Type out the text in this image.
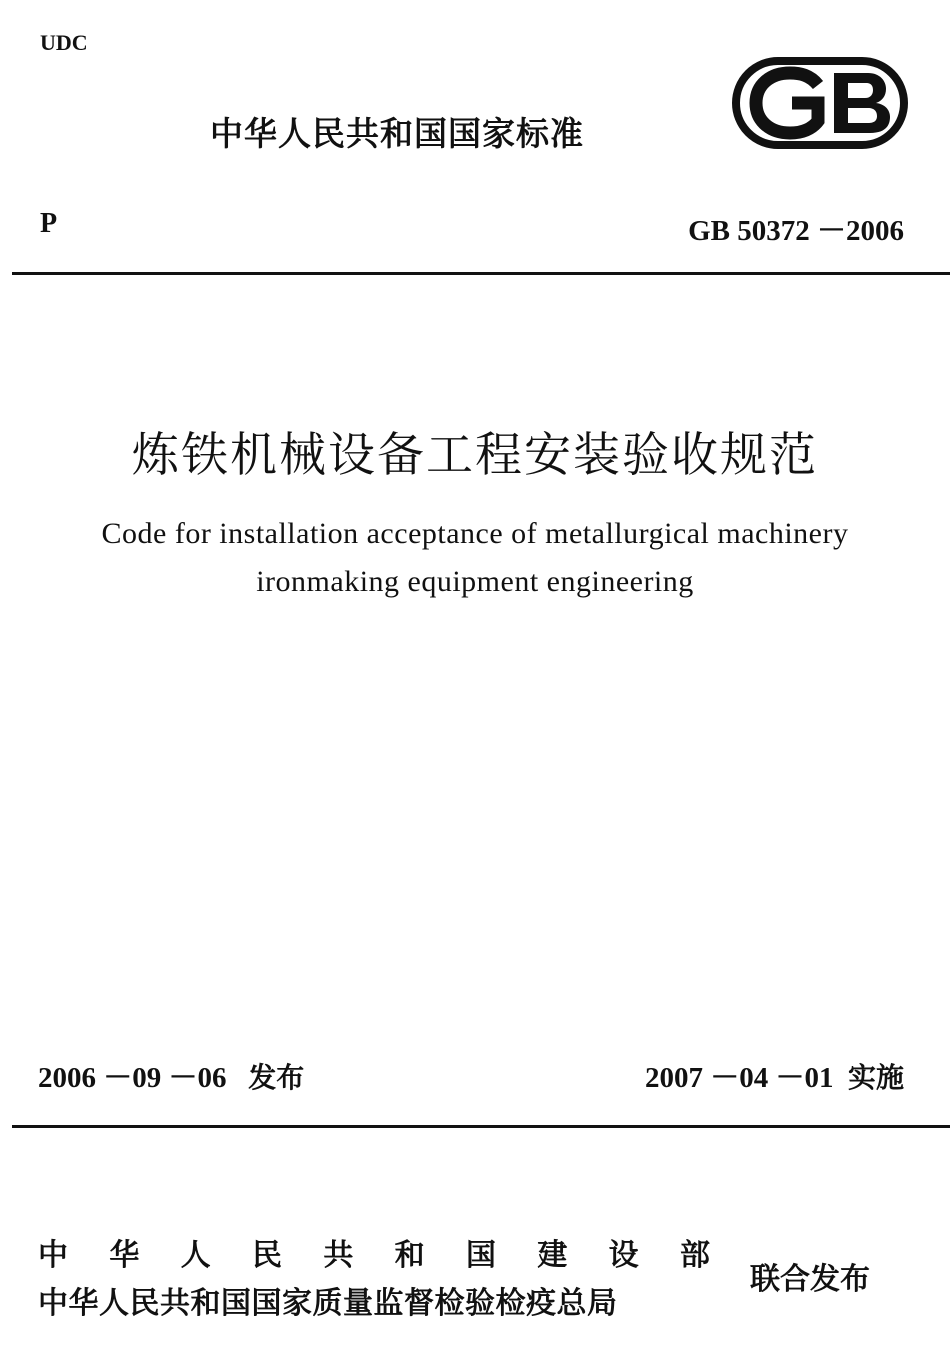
UDC
中华人民共和国国家标准
P	GB 50372 －2006
炼铁机械设备工程安装验收规范
Code for installation acceptance of metallurgical machinery
ironmaking equipment engineering
2006 －09 －06 发布	2007 －04 －01 实施
中华人民共和国建设部
中华人民共和国国家质量监督检验检疫总局
联合发布
